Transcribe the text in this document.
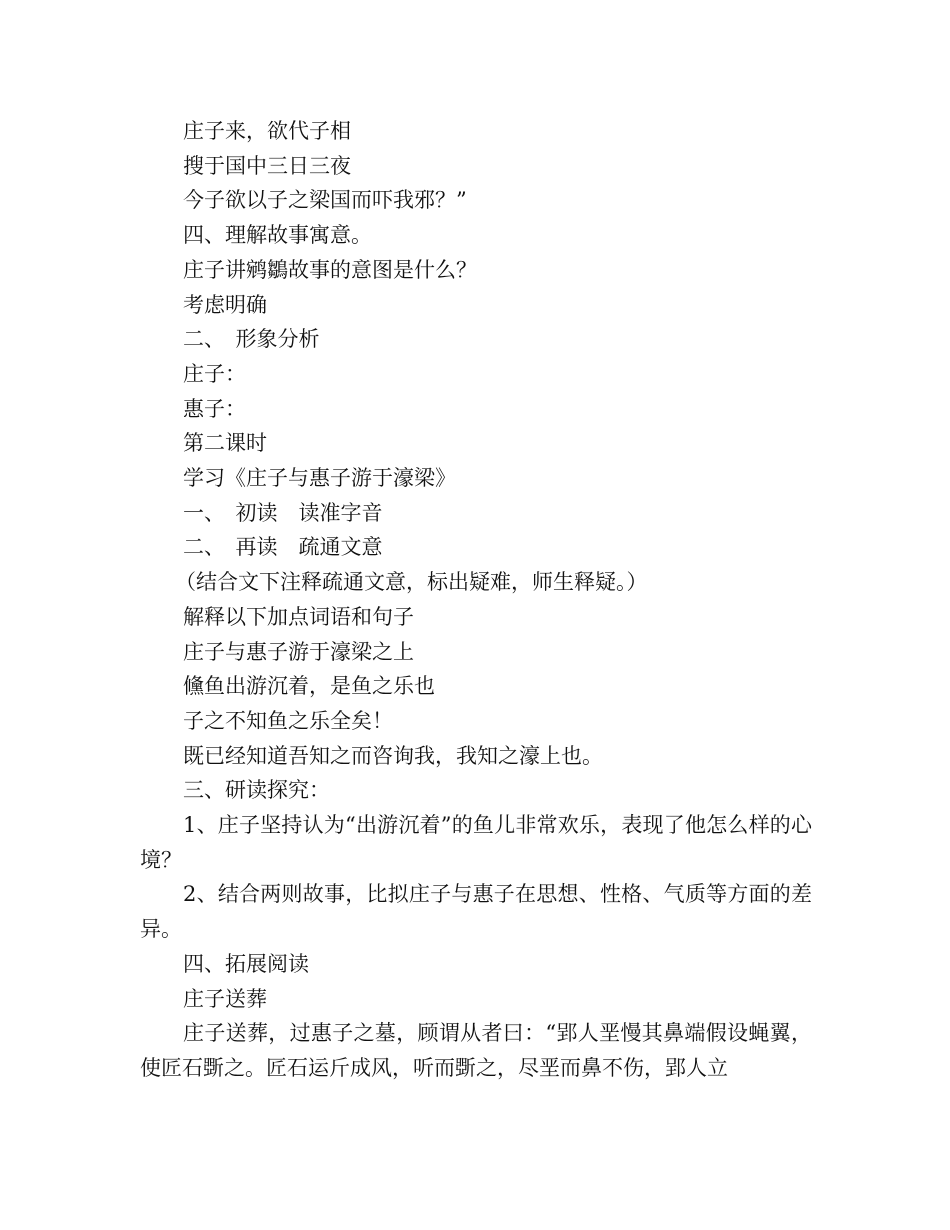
庄子来，欲代子相
搜于国中三日三夜
今子欲以子之梁国而吓我邪？”
四、理解故事寓意。
庄子讲鹓鶵故事的意图是什么？
考虑明确
二、　形象分析
庄子：
惠子：
第二课时
学习《庄子与惠子游于濠梁》
一、　初读　读准字音
二、　再读　疏通文意
（结合文下注释疏通文意，标出疑难，师生释疑。）
解释以下加点词语和句子
庄子与惠子游于濠梁之上
儵鱼出游沉着，是鱼之乐也
子之不知鱼之乐全矣！
既已经知道吾知之而咨询我，我知之濠上也。
三、研读探究：
1、庄子坚持认为“出游沉着”的鱼儿非常欢乐，表现了他怎么样的心境？
2、结合两则故事，比拟庄子与惠子在思想、性格、气质等方面的差异。
四、拓展阅读
庄子送葬
庄子送葬，过惠子之墓，顾谓从者曰：“郢人垩慢其鼻端假设蝇翼，使匠石斲之。匠石运斤成风，听而斲之，尽垩而鼻不伤，郢人立
